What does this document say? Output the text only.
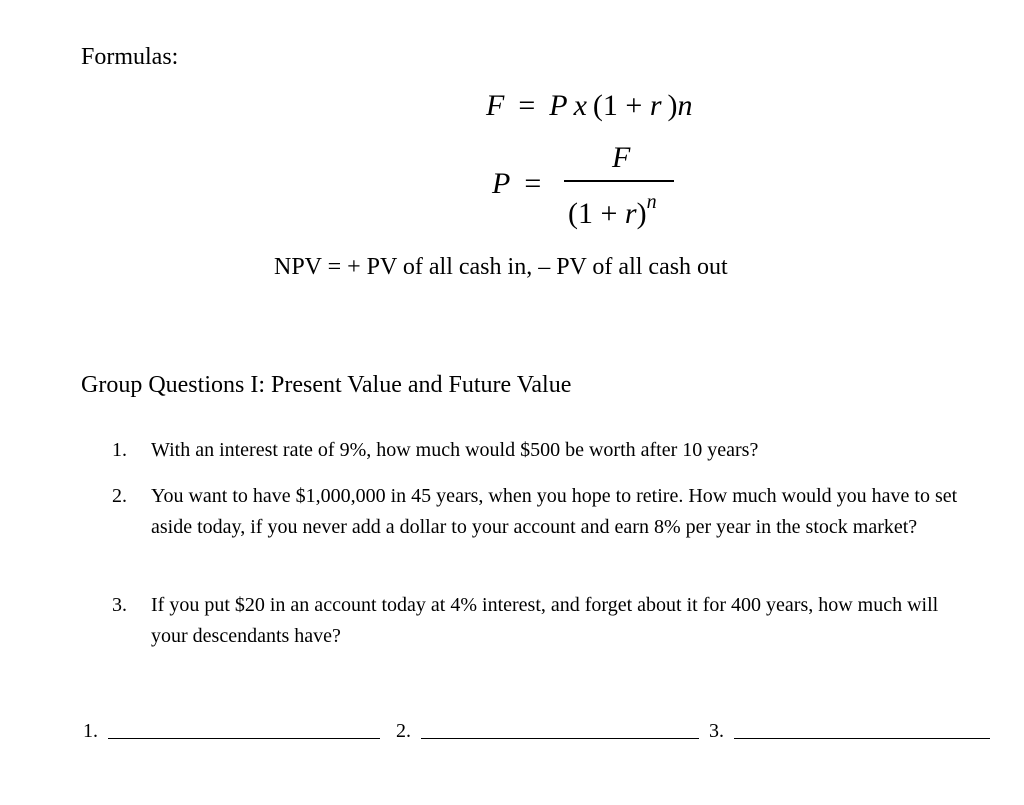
Formulas:
F = P x (1 + r )n
P =
F
$(1 + r)^n$
NPV = + PV of all cash in, – PV of all cash out
Group Questions I: Present Value and Future Value
1. With an interest rate of 9%, how much would $500 be worth after 10 years?
2. You want to have $1,000,000 in 45 years, when you hope to retire. How much would you have to set aside today, if you never add a dollar to your account and earn 8% per year in the stock market?
3. If you put $20 in an account today at 4% interest, and forget about it for 400 years, how much will your descendants have?
1.	2.	3.
